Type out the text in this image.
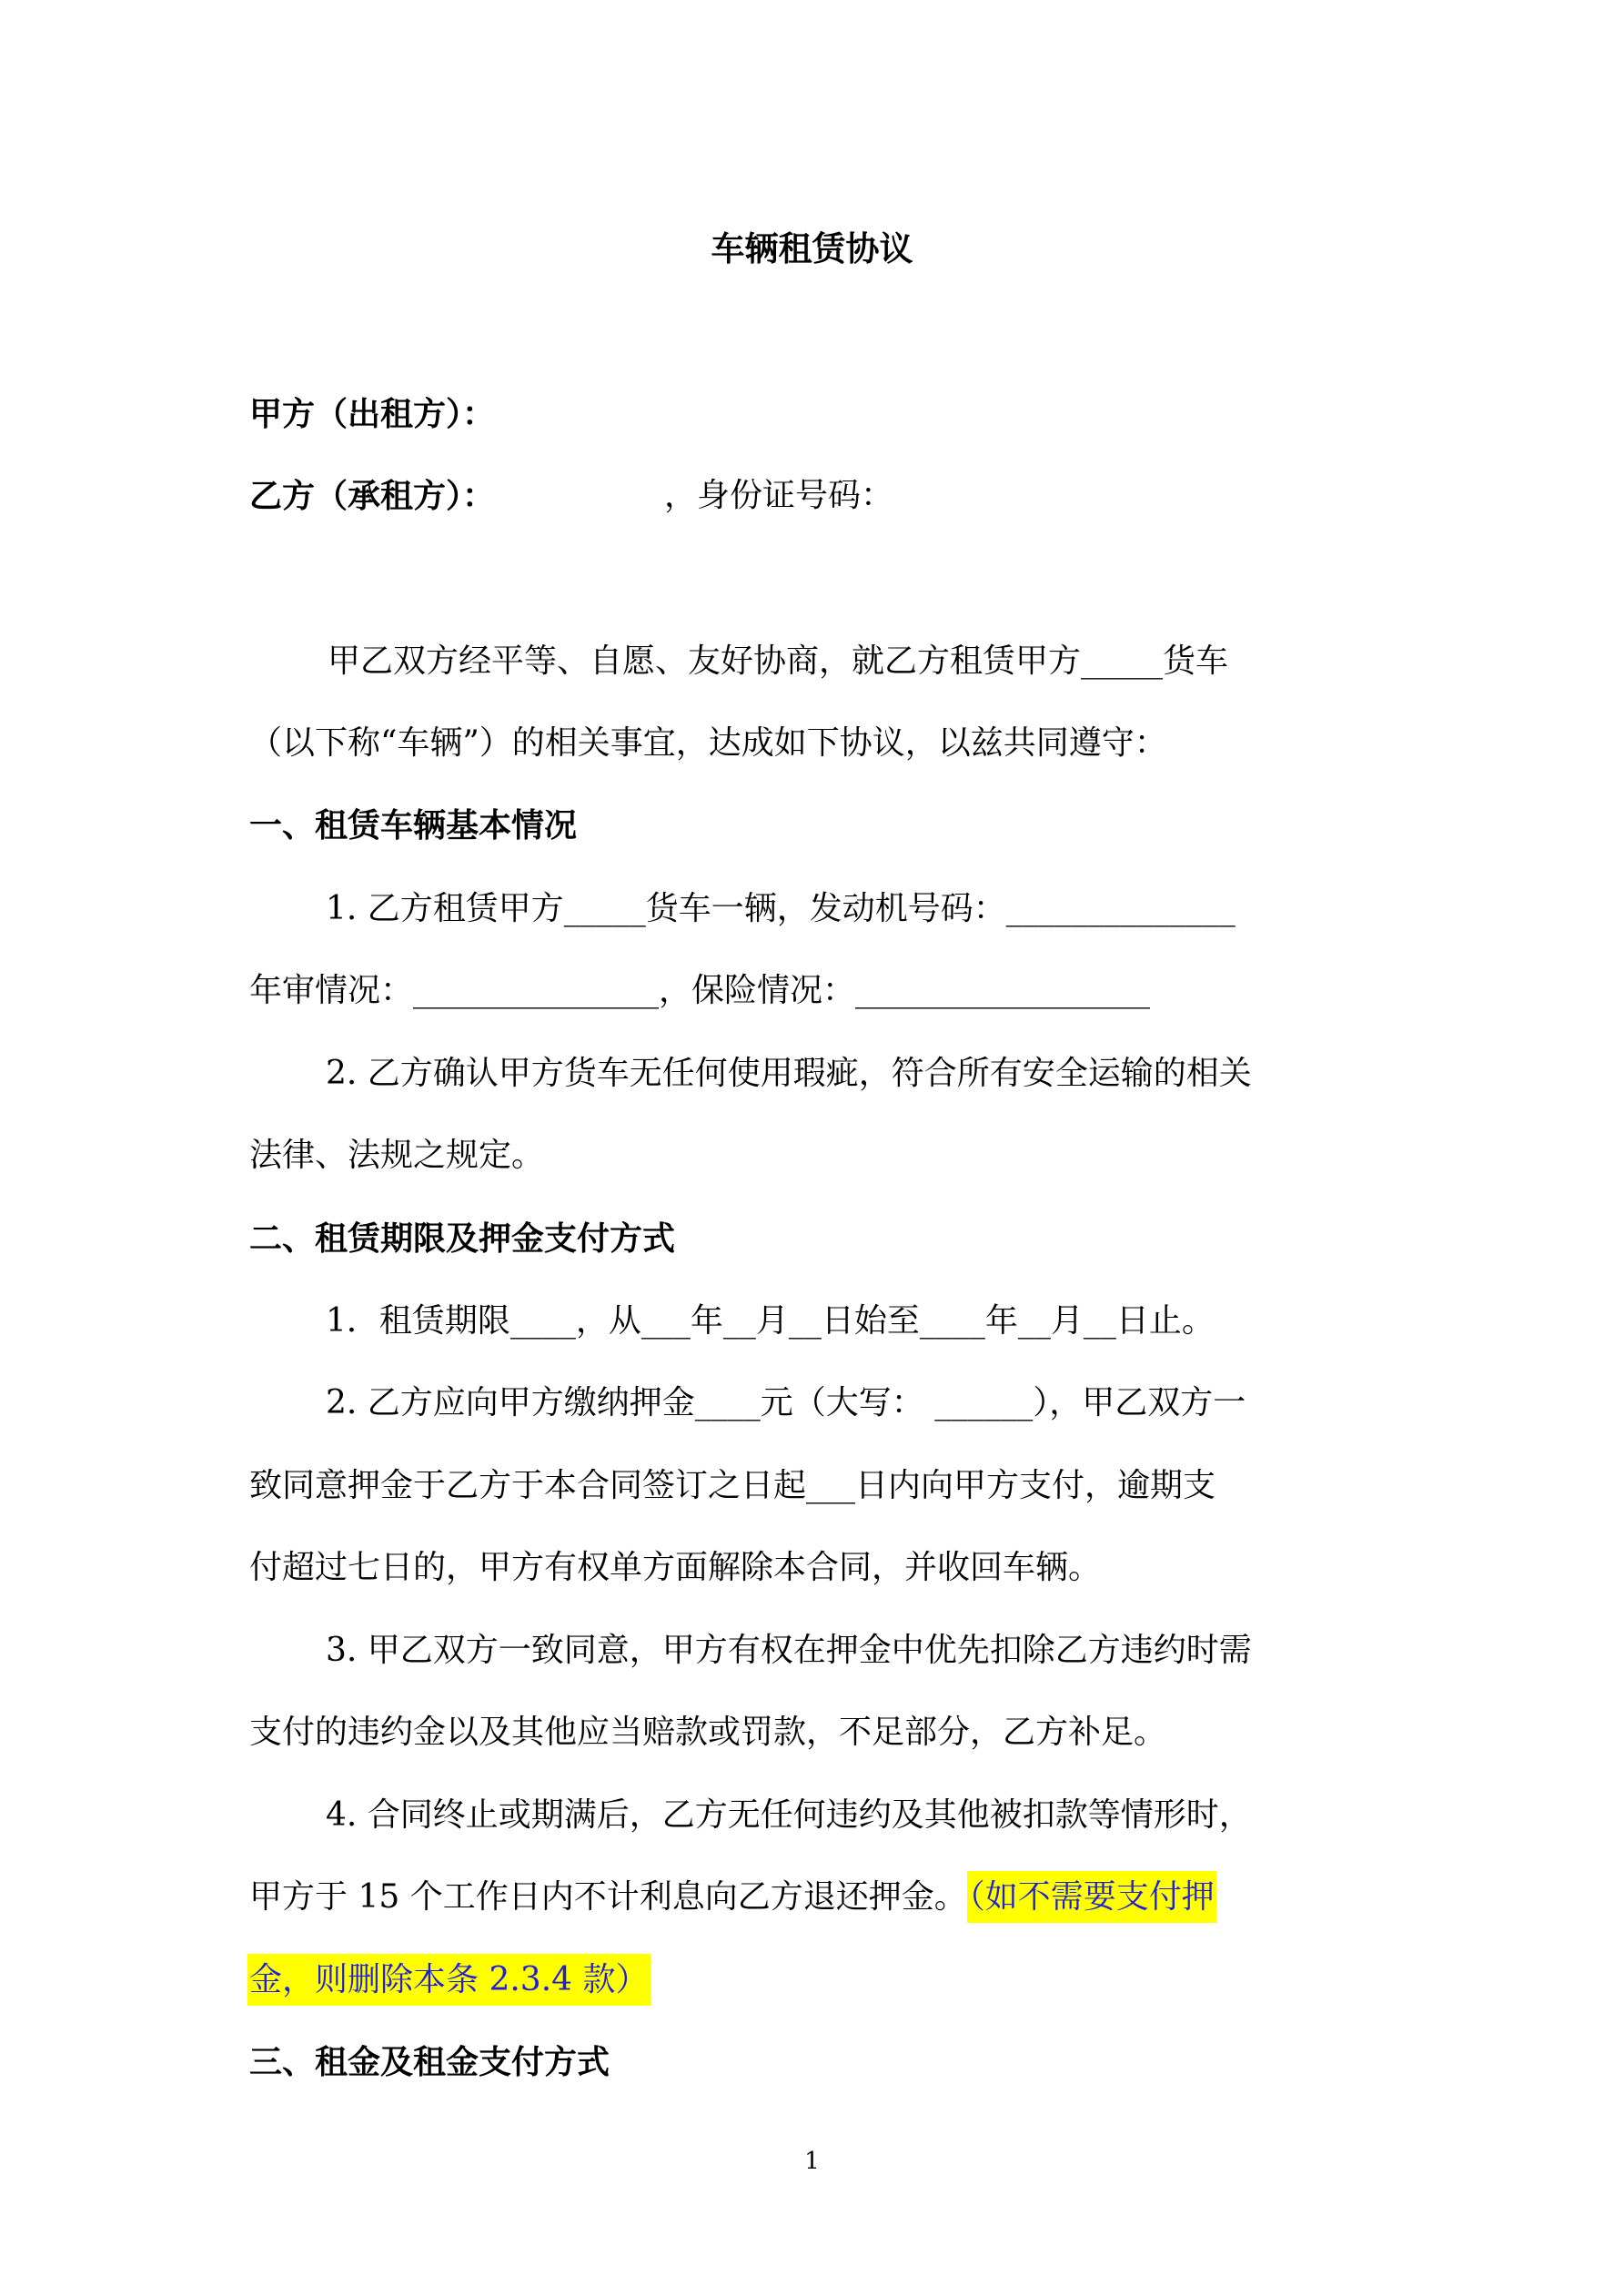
车辆租赁协议
甲方（出租方）：
乙方（承租方）：	，身份证号码：
甲乙双方经平等、自愿、友好协商，就乙方租赁甲方_____货车
（以下称“车辆”）的相关事宜，达成如下协议，以兹共同遵守：
一、租赁车辆基本情况
1. 乙方租赁甲方_____货车一辆，发动机号码：______________
年审情况：_______________，保险情况：__________________
2. 乙方确认甲方货车无任何使用瑕疵，符合所有安全运输的相关
法律、法规之规定。
二、租赁期限及押金支付方式
1．租赁期限____，从___年__月__日始至____年__月__日止。
2. 乙方应向甲方缴纳押金____元（大写： ______），甲乙双方一
致同意押金于乙方于本合同签订之日起___日内向甲方支付，逾期支
付超过七日的，甲方有权单方面解除本合同，并收回车辆。
3. 甲乙双方一致同意，甲方有权在押金中优先扣除乙方违约时需
支付的违约金以及其他应当赔款或罚款，不足部分，乙方补足。
4. 合同终止或期满后，乙方无任何违约及其他被扣款等情形时，
甲方于 15 个工作日内不计利息向乙方退还押金。（如不需要支付押
金，则删除本条 2.3.4 款）
三、租金及租金支付方式
1
